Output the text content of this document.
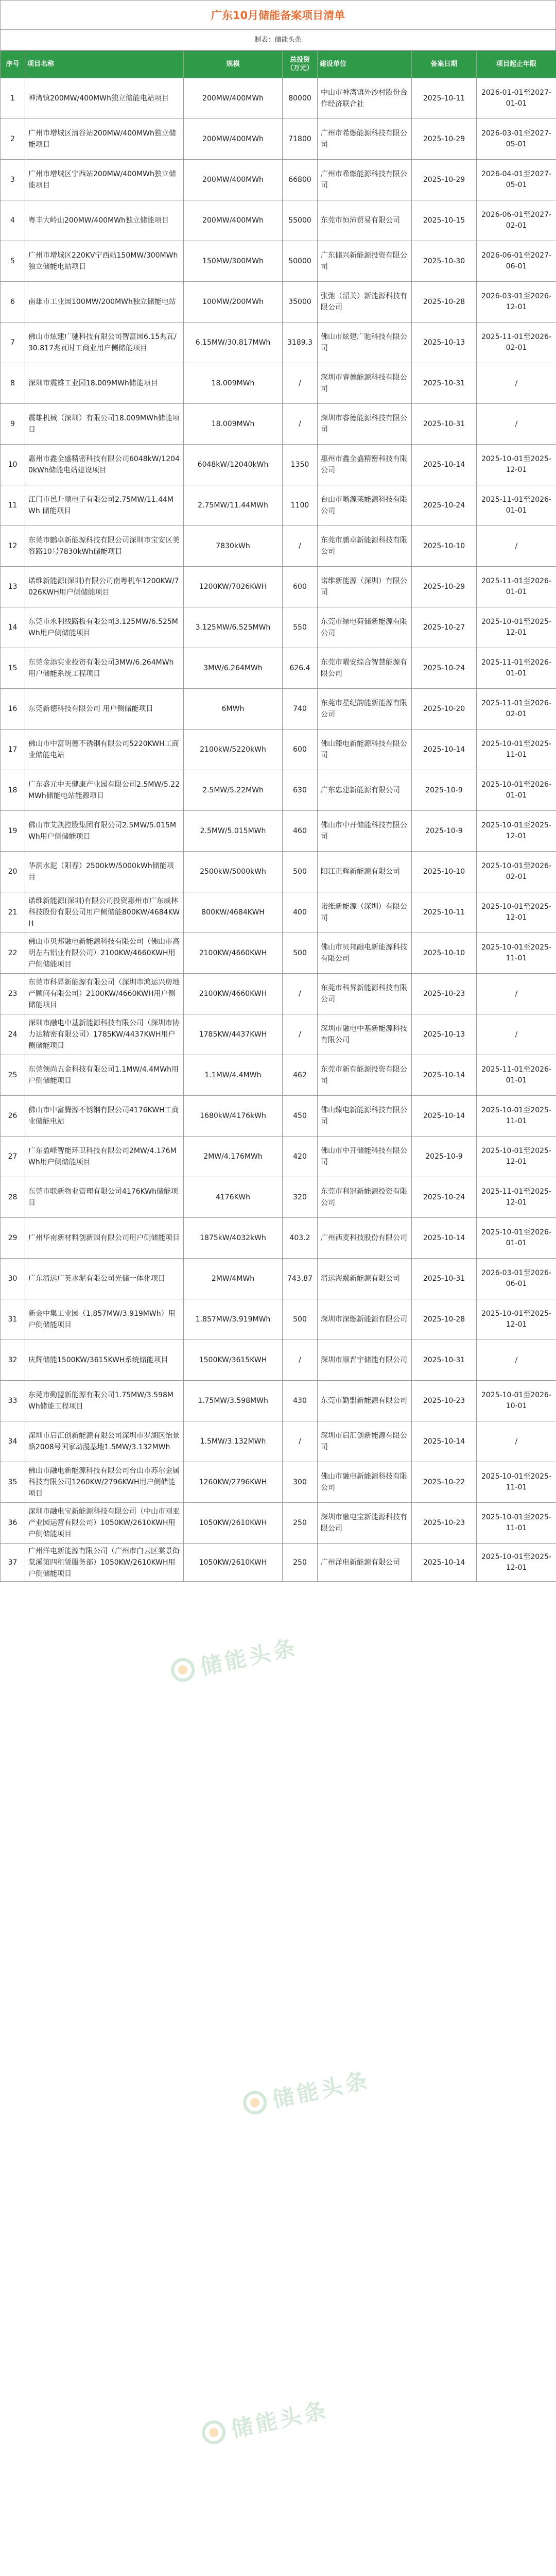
广东10月储能备案项目清单
制表：储能头条
序号	项目名称	规模	总投资（万元）	建设单位	备案日期	项目起止年限
1	神湾镇200MW/400MWh独立储能电站项目	200MW/400MWh	80000	中山市神湾镇外沙村股份合作经济联合社	2025-10-11	2026-01-01至2027-01-01
2	广州市增城区清谷站200MW/400MWh独立储能项目	200MW/400MWh	71800	广州市希燃能源科技有限公司	2025-10-29	2026-03-01至2027-05-01
3	广州市增城区宁西站200MW/400MWh独立储能项目	200MW/400MWh	66800	广州市希燃能源科技有限公司	2025-10-29	2026-04-01至2027-05-01
4	粤丰大岭山200MW/400MWh独立储能项目	200MW/400MWh	55000	东莞市恒沛贸易有限公司	2025-10-15	2026-06-01至2027-02-01
5	广州市增城区220KV宁西站150MW/300MWh独立储能电站项目	150MW/300MWh	50000	广东储兴新能源投资有限公司	2025-10-30	2026-06-01至2027-06-01
6	南雄市工业园100MW/200MWh独立储能电站	100MW/200MWh	35000	张弛（韶关）新能源科技有限公司	2025-10-28	2026-03-01至2026-12-01
7	佛山市炫建广驰科技有限公司智富园6.15兆瓦/30.817兆瓦时工商业用户侧储能项目	6.15MW/30.817MWh	3189.3	佛山市炫建广驰科技有限公司	2025-10-13	2025-11-01至2026-02-01
8	深圳市震雄工业园18.009MWh储能项目	18.009MWh	/	深圳市睿德能源科技有限公司	2025-10-31	/
9	震雄机械（深圳）有限公司18.009MWh储能项目	18.009MWh	/	深圳市睿德能源科技有限公司	2025-10-31	/
10	惠州市鑫全盛精密科技有限公司6048kW/12040kWh储能电站建设项目	6048kW/12040kWh	1350	惠州市鑫全盛精密科技有限公司	2025-10-14	2025-10-01至2025-12-01
11	江门市邑升顺电子有限公司2.75MW/11.44MWh 储能项目	2.75MW/11.44MWh	1100	台山市晰源莱能源科技有限公司	2025-10-24	2025-11-01至2026-01-01
12	东莞市鹏卓新能源科技有限公司深圳市宝安区美容路10号7830kWh储能项目	7830kWh	/	东莞市鹏卓新能源科技有限公司	2025-10-10	/
13	诺维新能源(深圳)有限公司南粤机车1200KW/7026KWH用户侧储能项目	1200KW/7026KWH	600	诺维新能源（深圳）有限公司	2025-10-29	2025-11-01至2026-01-01
14	东莞市永利线路板有限公司3.125MW/6.525MWh用户侧储能项目	3.125MW/6.525MWh	550	东莞市绿电荷储新能源有限公司	2025-10-27	2025-10-01至2025-12-01
15	东莞金添实业投资有限公司3MW/6.264MWh用户储能系统工程项目	3MW/6.264MWh	626.4	东莞市曜安综合智慧能源有限公司	2025-10-24	2025-11-01至2026-01-01
16	东莞新德科技有限公司 用户侧储能项目	6MWh	740	东莞市星纪韵能新能源有限公司	2025-10-20	2025-11-01至2026-02-01
17	佛山市中富明德不锈钢有限公司5220KWH工商业储能电站	2100kW/5220kWh	600	佛山臻电新能源科技有限公司	2025-10-14	2025-10-01至2025-11-01
18	广东盛元中天健康产业园有限公司2.5MW/5.22MWh储能电站能源项目	2.5MW/5.22MWh	630	广东忠建新能源有限公司	2025-10-9	2025-10-01至2026-01-01
19	佛山市艾凯控股集团有限公司2.5MW/5.015MWh用户侧储能项目	2.5MW/5.015MWh	460	佛山市中开储能科技有限公司	2025-10-9	2025-10-01至2025-12-01
20	华润水泥（阳春）2500kW/5000kWh储能项目	2500kW/5000kWh	500	阳江正辉新能源有限公司	2025-10-10	2025-10-01至2026-02-01
21	诺维新能源(深圳)有限公司投资惠州市广东威林科技股份有限公司用户侧储能800KW/4684KWH	800KW/4684KWH	400	诺维新能源（深圳）有限公司	2025-10-11	2025-10-01至2025-12-01
22	佛山市贝邦融电新能源科技有限公司（佛山市高明左右铝业有限公司）2100KW/4660KWH用户侧储能项目	2100KW/4660KWH	500	佛山市贝邦融电新能源科技有限公司	2025-10-10	2025-10-01至2025-11-01
23	东莞市科昇新能源有限公司（深圳市鸿运兴房地产顾问有限公司）2100KW/4660KWH用户侧储能项目	2100KW/4660KWH	/	东莞市科昇新能源科技有限公司	2025-10-23	/
24	深圳市融电中基新能源科技有限公司（深圳市协力达精密有限公司）1785KW/4437KWH用户侧储能项目	1785KW/4437KWH	/	深圳市融电中基新能源科技有限公司	2025-10-13	/
25	东莞领尚五金科技有限公司1.1MW/4.4MWh用户侧储能项目	1.1MW/4.4MWh	462	东莞市新有能源投资有限公司	2025-10-14	2025-11-01至2026-01-01
26	佛山市中富腾源不锈钢有限公司4176KWH工商业储能电站	1680kW/4176kWh	450	佛山臻电新能源科技有限公司	2025-10-14	2025-10-01至2025-11-01
27	广东盈峰智能环卫科技有限公司2MW/4.176MWh用户侧储能项目	2MW/4.176MWh	420	佛山市中开储能科技有限公司	2025-10-9	2025-10-01至2025-12-01
28	东莞市联新物业管理有限公司4176KWh储能项目	4176KWh	320	东莞市利冠新能源投资有限公司	2025-10-24	2025-11-01至2025-12-01
29	广州华南新材料创新园有限公司用户侧储能项目	1875kW/4032kWh	403.2	广州西麦科技股份有限公司	2025-10-14	2025-10-01至2026-01-01
30	广东清远广英水泥有限公司光储一体化项目	2MW/4MWh	743.87	清远海螺新能源有限公司	2025-10-31	2026-03-01至2026-06-01
31	新会中集工业园（1.857MW/3.919MWh）用户侧储能项目	1.857MW/3.919MWh	500	深圳市深燃新能源有限公司	2025-10-28	2025-10-01至2025-12-01
32	庆辉储能1500KW/3615KWH系统储能项目	1500KW/3615KWH	/	深圳市顺晋宇储能有限公司	2025-10-31	/
33	东莞市勤盟新能源有限公司1.75MW/3.598MWh储能工程项目	1.75MW/3.598MWh	430	东莞市勤盟新能源有限公司	2025-10-23	2025-10-01至2026-10-01
34	深圳市启汇创新能源有限公司深圳市罗湖区怡景路2008号国家动漫基地1.5MW/3.132MWh	1.5MW/3.132MWh	/	深圳市启汇创新能源有限公司	2025-10-14	/
35	佛山市融电新能源科技有限公司台山市苏尔金属科技有限公司1260KW/2796KWH用户侧储能项目	1260KW/2796KWH	300	佛山市融电新能源科技有限公司	2025-10-22	2025-10-01至2025-11-01
36	深圳市融电宝新能源科技有限公司（中山市刚亚产业园运营有限公司）1050KW/2610KWH用户侧储能项目	1050KW/2610KWH	250	深圳市融电宝新能源科技有限公司	2025-10-23	2025-10-01至2025-11-01
37	广州洋电新能源有限公司（广州市白云区棠景街棠溪第四租赁服务部）1050KW/2610KWH用户侧储能项目	1050KW/2610KWH	250	广州洋电新能源有限公司	2025-10-14	2025-10-01至2025-12-01
储能头条
储能头条
储能头条
